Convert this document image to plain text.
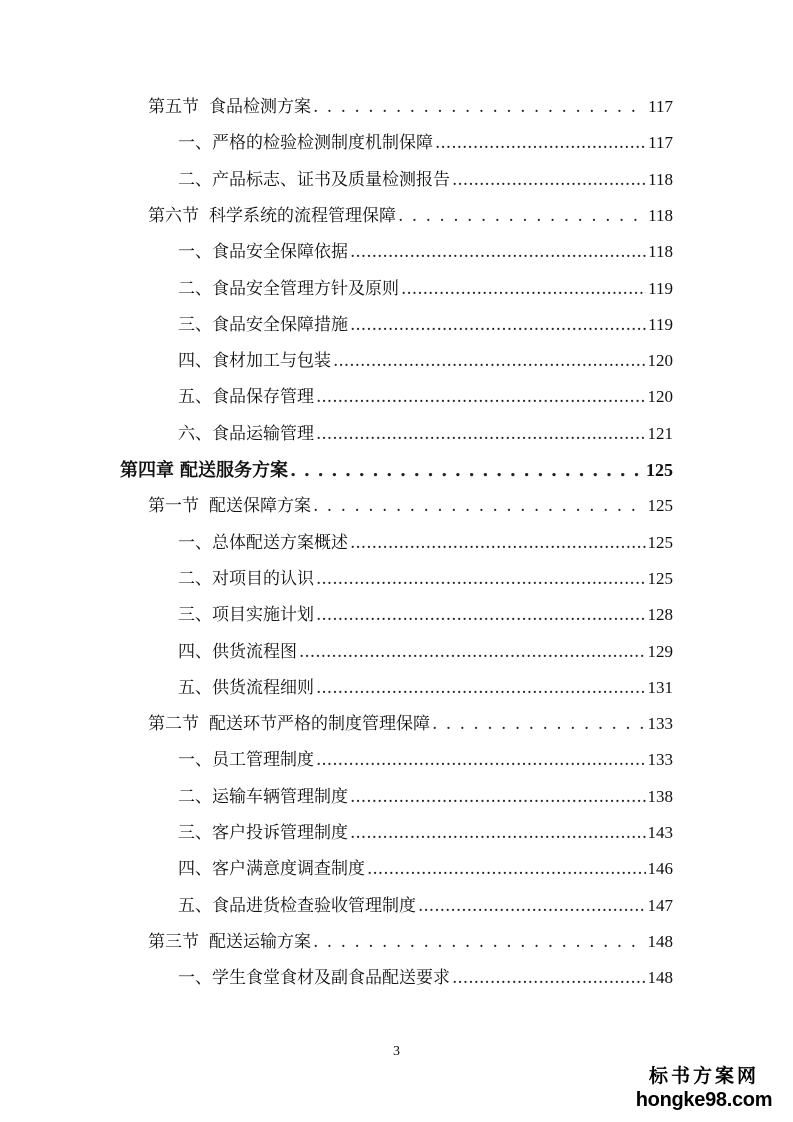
第五节 食品检测方案 . . .	117
一、严格的检验检测制度机制保障 .....	117
二、产品标志、证书及质量检测报告 .....	118
第六节 科学系统的流程管理保障 . . .	118
一、食品安全保障依据 .....	118
二、食品安全管理方针及原则 .....	119
三、食品安全保障措施 .....	119
四、食材加工与包装 .....	120
五、食品保存管理 .....	120
六、食品运输管理 .....	121
第四章 配送服务方案 . . .	125
第一节 配送保障方案 . . .	125
一、总体配送方案概述 .....	125
二、对项目的认识 .....	125
三、项目实施计划 .....	128
四、供货流程图 .....	129
五、供货流程细则 .....	131
第二节 配送环节严格的制度管理保障 . . .	133
一、员工管理制度 .....	133
二、运输车辆管理制度 .....	138
三、客户投诉管理制度 .....	143
四、客户满意度调查制度 .....	146
五、食品进货检查验收管理制度 .....	147
第三节 配送运输方案 . . .	148
一、学生食堂食材及副食品配送要求 .....	148
3
标书方案网
hongke98.com
